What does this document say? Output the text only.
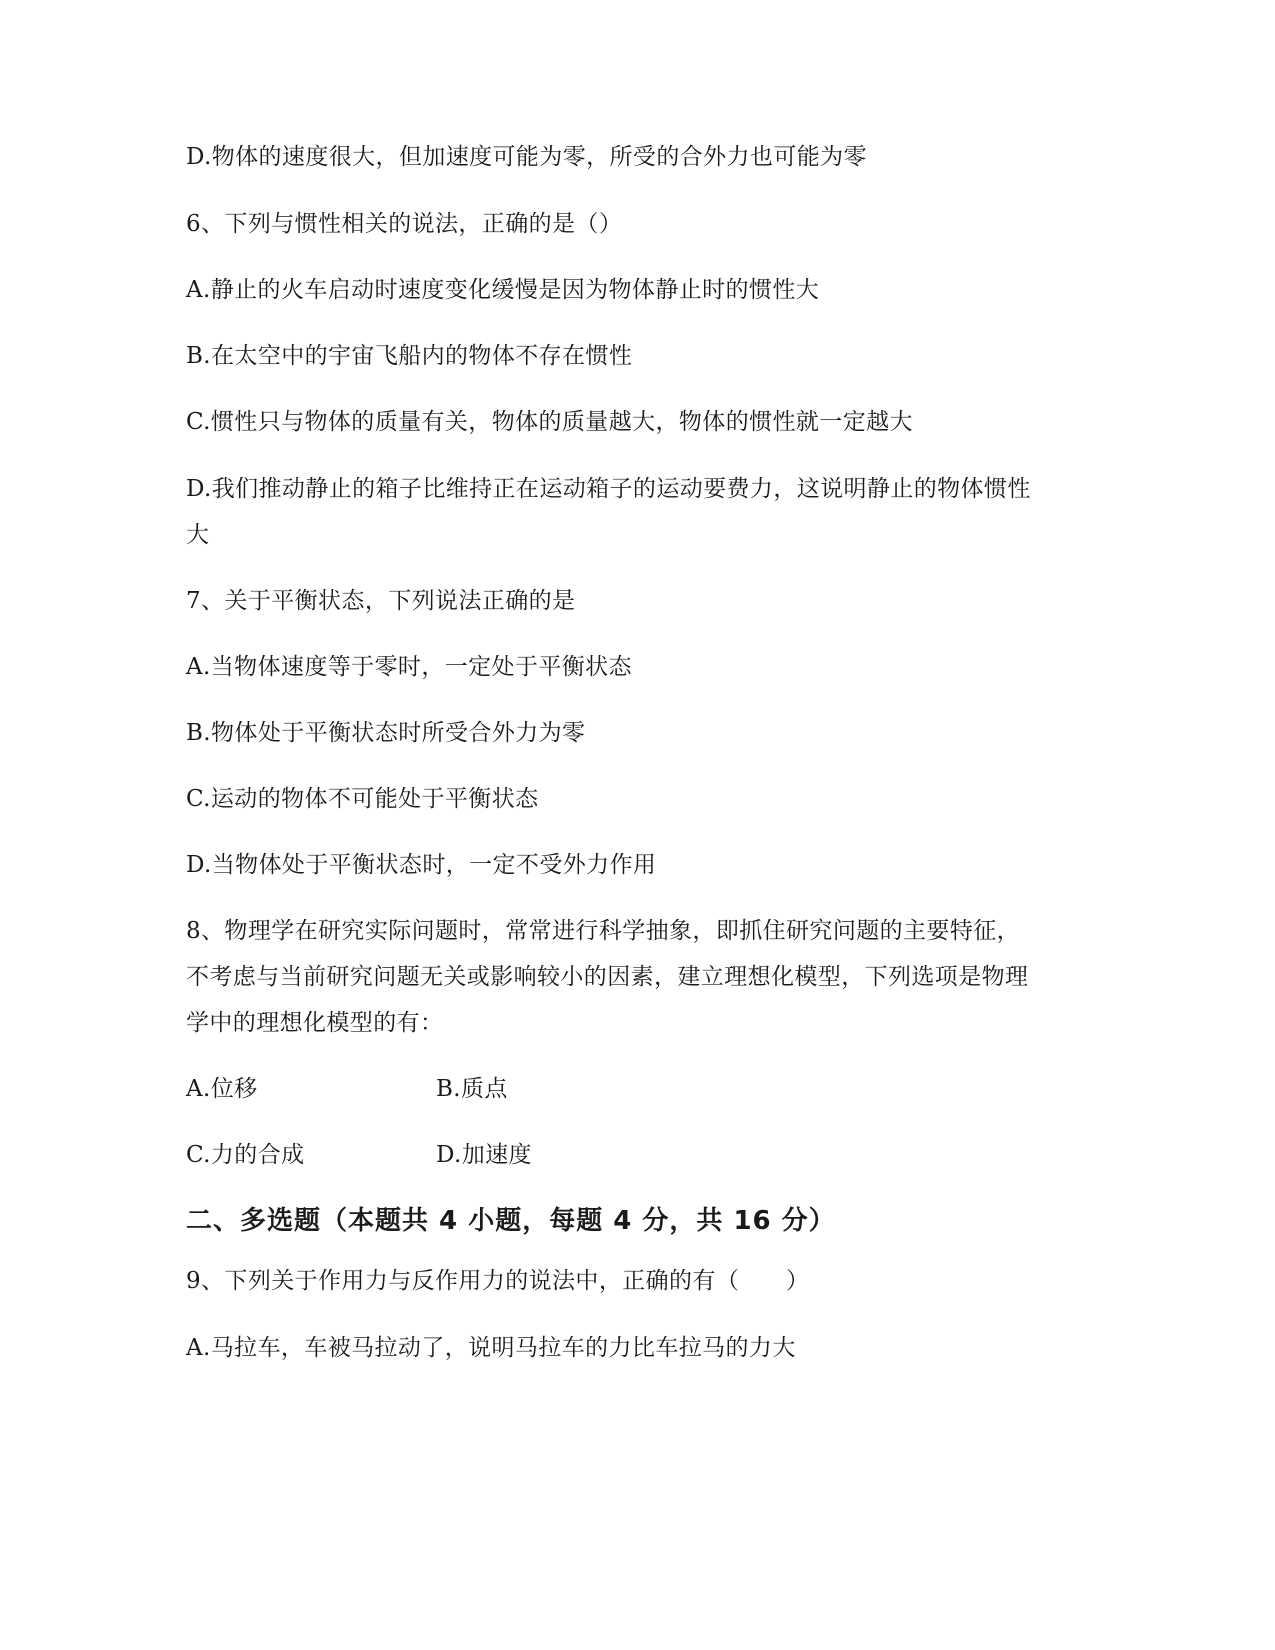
D.物体的速度很大，但加速度可能为零，所受的合外力也可能为零
6、下列与惯性相关的说法，正确的是（）
A.静止的火车启动时速度变化缓慢是因为物体静止时的惯性大
B.在太空中的宇宙飞船内的物体不存在惯性
C.惯性只与物体的质量有关，物体的质量越大，物体的惯性就一定越大
D.我们推动静止的箱子比维持正在运动箱子的运动要费力，这说明静止的物体惯性
大
7、关于平衡状态，下列说法正确的是
A.当物体速度等于零时，一定处于平衡状态
B.物体处于平衡状态时所受合外力为零
C.运动的物体不可能处于平衡状态
D.当物体处于平衡状态时，一定不受外力作用
8、物理学在研究实际问题时，常常进行科学抽象，即抓住研究问题的主要特征，
不考虑与当前研究问题无关或影响较小的因素，建立理想化模型，下列选项是物理
学中的理想化模型的有：
A.位移	B.质点
C.力的合成	D.加速度
二、多选题（本题共 4 小题，每题 4 分，共 16 分）
9、下列关于作用力与反作用力的说法中，正确的有（　　）
A.马拉车，车被马拉动了，说明马拉车的力比车拉马的力大
